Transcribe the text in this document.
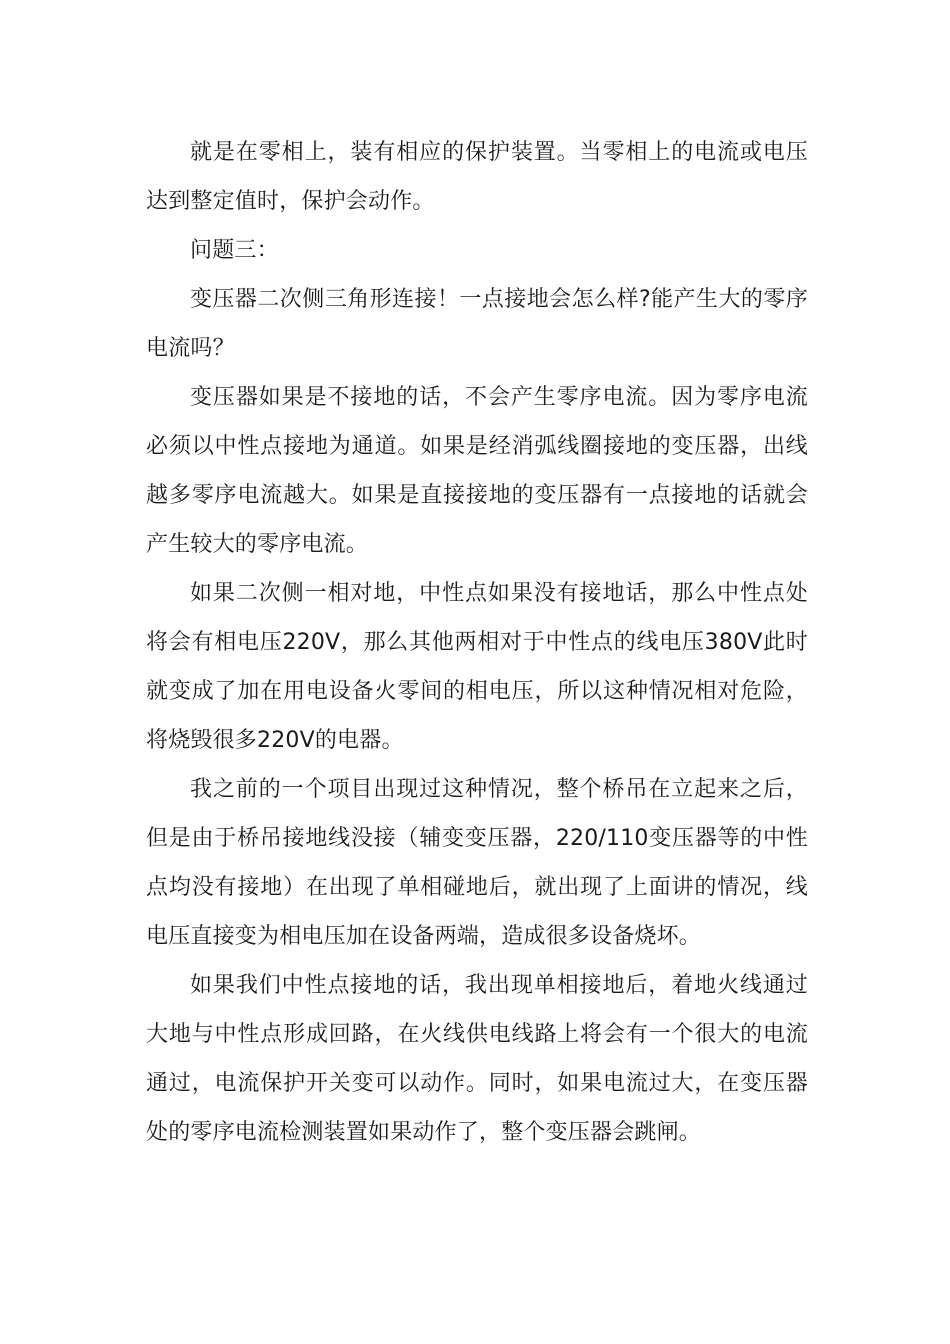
就是在零相上，装有相应的保护装置。当零相上的电流或电压达到整定值时，保护会动作。

问题三：

变压器二次侧三角形连接！一点接地会怎么样?能产生大的零序电流吗？

变压器如果是不接地的话，不会产生零序电流。因为零序电流必须以中性点接地为通道。如果是经消弧线圈接地的变压器，出线越多零序电流越大。如果是直接接地的变压器有一点接地的话就会产生较大的零序电流。

如果二次侧一相对地，中性点如果没有接地话，那么中性点处将会有相电压220V，那么其他两相对于中性点的线电压380V此时就变成了加在用电设备火零间的相电压，所以这种情况相对危险，将烧毁很多220V的电器。

我之前的一个项目出现过这种情况，整个桥吊在立起来之后，但是由于桥吊接地线没接（辅变变压器，220/110变压器等的中性点均没有接地）在出现了单相碰地后，就出现了上面讲的情况，线电压直接变为相电压加在设备两端，造成很多设备烧坏。

如果我们中性点接地的话，我出现单相接地后，着地火线通过大地与中性点形成回路，在火线供电线路上将会有一个很大的电流通过，电流保护开关变可以动作。同时，如果电流过大，在变压器处的零序电流检测装置如果动作了，整个变压器会跳闸。
